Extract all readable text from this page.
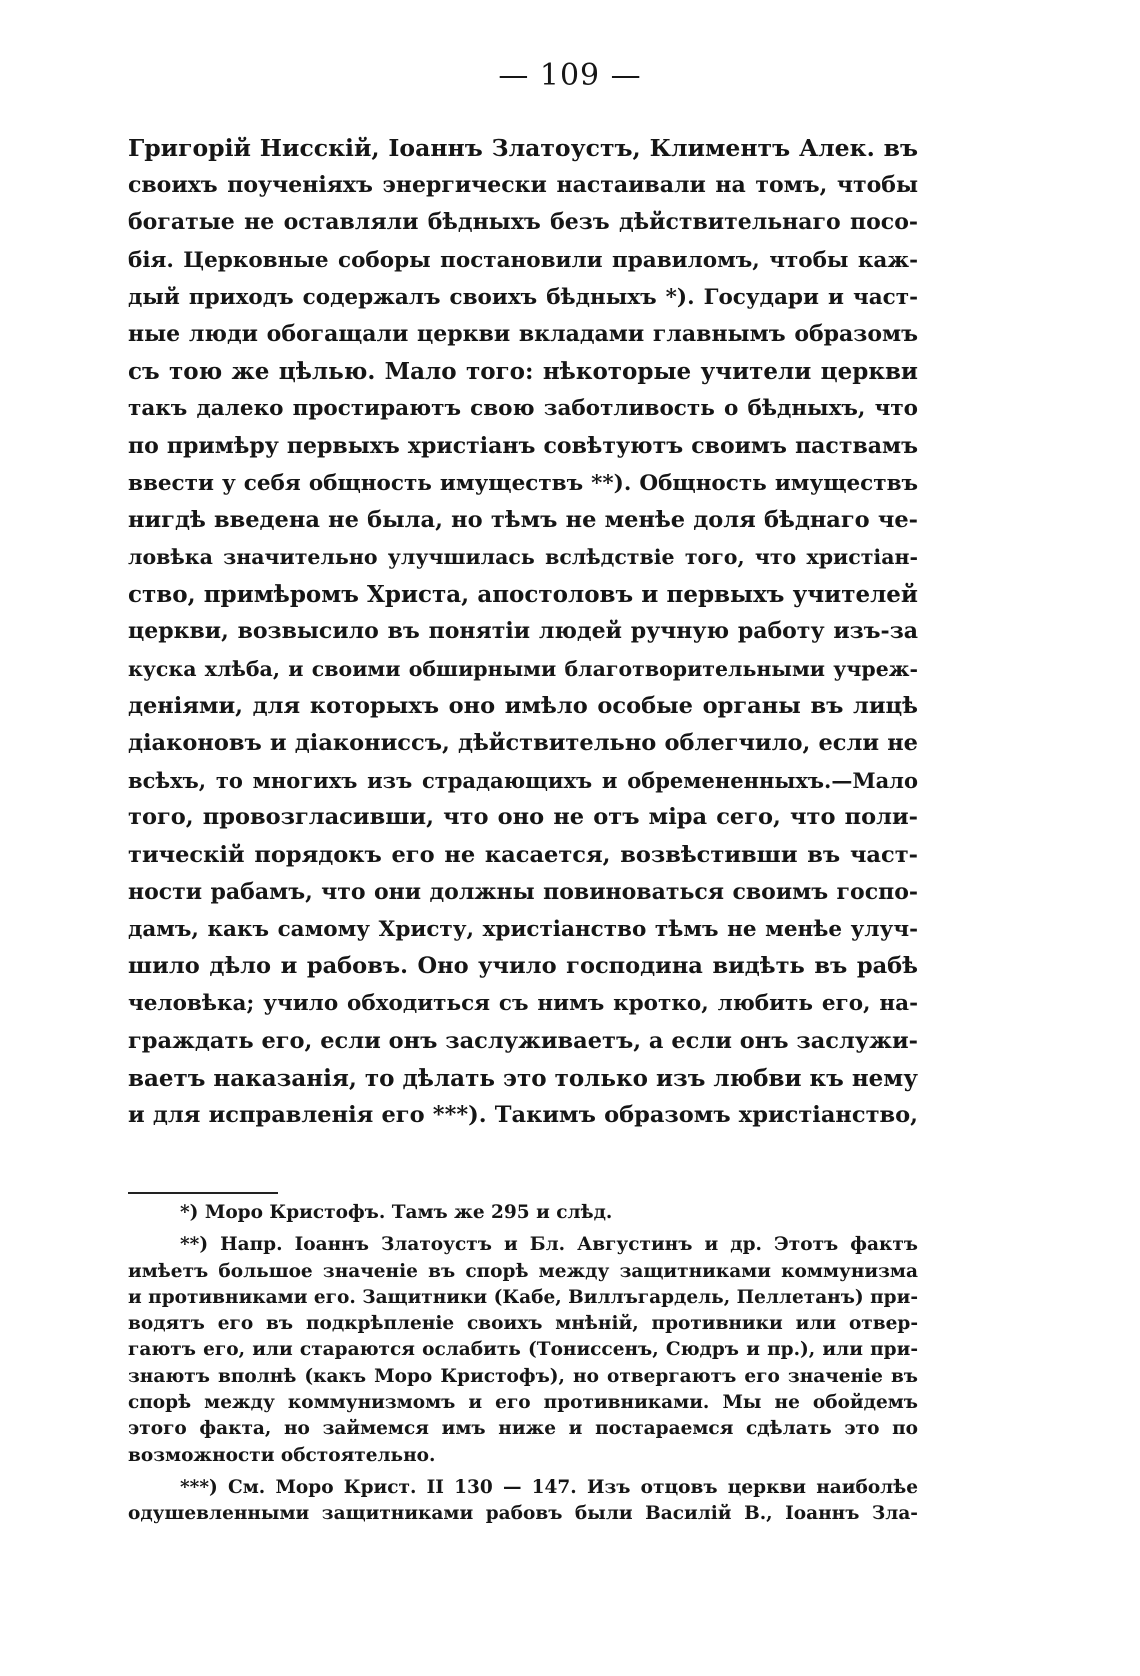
— 109 —
Григорій Нисскій, Іоаннъ Златоустъ, Климентъ Алек. въ
своихъ поученіяхъ энергически настаивали на томъ, чтобы
богатые не оставляли бѣдныхъ безъ дѣйствительнаго посо-
бія. Церковные соборы постановили правиломъ, чтобы каж-
дый приходъ содержалъ своихъ бѣдныхъ *). Государи и част-
ные люди обогащали церкви вкладами главнымъ образомъ
съ тою же цѣлью. Мало того: нѣкоторые учители церкви
такъ далеко простираютъ свою заботливость о бѣдныхъ, что
по примѣру первыхъ христіанъ совѣтуютъ своимъ паствамъ
ввести у себя общность имуществъ **). Общность имуществъ
нигдѣ введена не была, но тѣмъ не менѣе доля бѣднаго че-
ловѣка значительно улучшилась вслѣдствіе того, что христіан-
ство, примѣромъ Христа, апостоловъ и первыхъ учителей
церкви, возвысило въ понятіи людей ручную работу изъ-за
куска хлѣба, и своими обширными благотворительными учреж-
деніями, для которыхъ оно имѣло особые органы въ лицѣ
діаконовъ и діакониссъ, дѣйствительно облегчило, если не
всѣхъ, то многихъ изъ страдающихъ и обремененныхъ.—Мало
того, провозгласивши, что оно не отъ міра сего, что поли-
тическій порядокъ его не касается, возвѣстивши въ част-
ности рабамъ, что они должны повиноваться своимъ госпо-
дамъ, какъ самому Христу, христіанство тѣмъ не менѣе улуч-
шило дѣло и рабовъ. Оно учило господина видѣть въ рабѣ
человѣка; учило обходиться съ нимъ кротко, любить его, на-
граждать его, если онъ заслуживаетъ, а если онъ заслужи-
ваетъ наказанія, то дѣлать это только изъ любви къ нему
и для исправленія его ***). Такимъ образомъ христіанство,
*) Моро Кристофъ. Тамъ же 295 и слѣд.
**) Напр. Іоаннъ Златоустъ и Бл. Августинъ и др. Этотъ фактъ
имѣетъ большое значеніе въ спорѣ между защитниками коммунизма
и противниками его. Защитники (Кабе, Виллъгардель, Пеллетанъ) при-
водятъ его въ подкрѣпленіе своихъ мнѣній, противники или отвер-
гаютъ его, или стараются ослабить (Тониссенъ, Сюдръ и пр.), или при-
знаютъ вполнѣ (какъ Моро Кристофъ), но отвергаютъ его значеніе въ
спорѣ между коммунизмомъ и его противниками. Мы не обойдемъ
этого факта, но займемся имъ ниже и постараемся сдѣлать это по
возможности обстоятельно.
***) См. Моро Крист. II 130 — 147. Изъ отцовъ церкви наиболѣе
одушевленными защитниками рабовъ были Василій В., Іоаннъ Зла-
